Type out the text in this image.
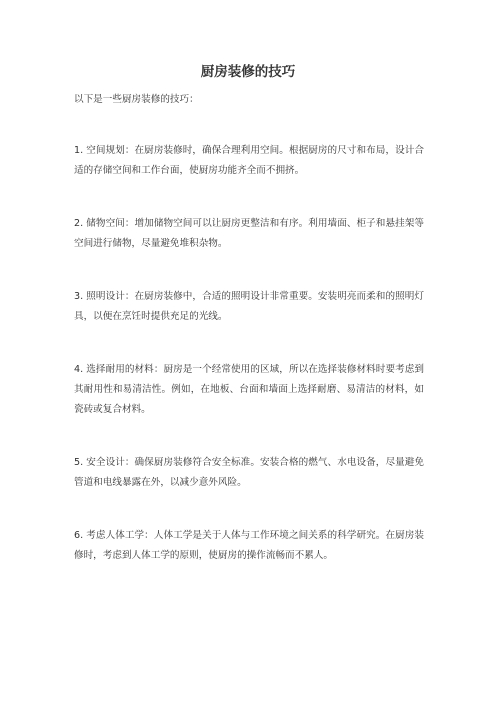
厨房装修的技巧
以下是一些厨房装修的技巧：
1. 空间规划：在厨房装修时，确保合理利用空间。根据厨房的尺寸和布局，设计合适的存储空间和工作台面，使厨房功能齐全而不拥挤。
2. 储物空间：增加储物空间可以让厨房更整洁和有序。利用墙面、柜子和悬挂架等空间进行储物，尽量避免堆积杂物。
3. 照明设计：在厨房装修中，合适的照明设计非常重要。安装明亮而柔和的照明灯具，以便在烹饪时提供充足的光线。
4. 选择耐用的材料：厨房是一个经常使用的区域，所以在选择装修材料时要考虑到其耐用性和易清洁性。例如，在地板、台面和墙面上选择耐磨、易清洁的材料，如瓷砖或复合材料。
5. 安全设计：确保厨房装修符合安全标准。安装合格的燃气、水电设备，尽量避免管道和电线暴露在外，以减少意外风险。
6. 考虑人体工学：人体工学是关于人体与工作环境之间关系的科学研究。在厨房装修时，考虑到人体工学的原则，使厨房的操作流畅而不累人。
